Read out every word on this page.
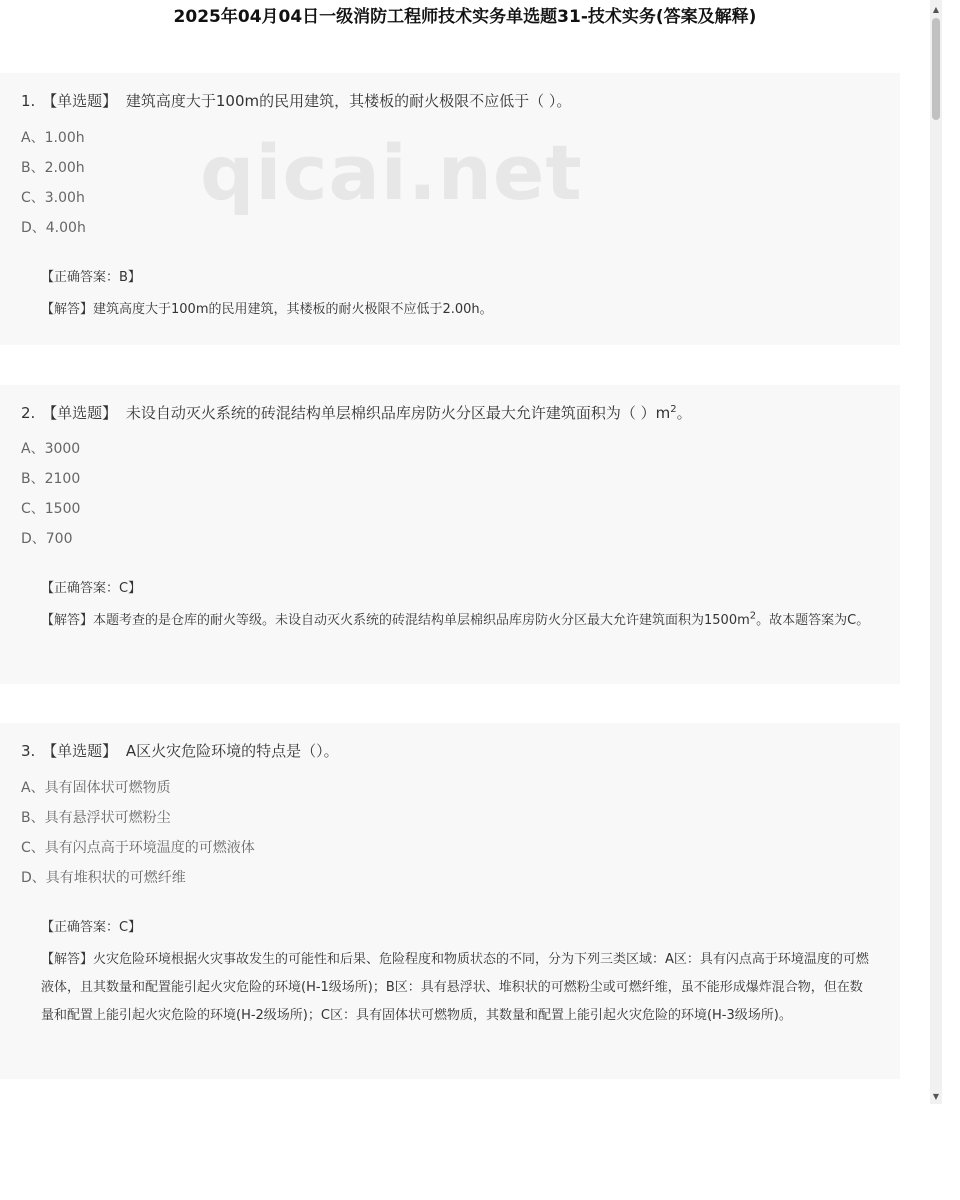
2025年04月04日一级消防工程师技术实务单选题31-技术实务(答案及解释)
1. 【单选题】 建筑高度大于100m的民用建筑，其楼板的耐火极限不应低于（ ）。
A、1.00h
B、2.00h
C、3.00h
D、4.00h
【正确答案：B】
【解答】建筑高度大于100m的民用建筑，其楼板的耐火极限不应低于2.00h。
2. 【单选题】 未设自动灭火系统的砖混结构单层棉织品库房防火分区最大允许建筑面积为（ ）$m^2$。
A、3000
B、2100
C、1500
D、700
【正确答案：C】
【解答】本题考查的是仓库的耐火等级。未设自动灭火系统的砖混结构单层棉织品库房防火分区最大允许建筑面积为$1500m^2$。故本题答案为C。
3. 【单选题】 A区火灾危险环境的特点是（）。
A、具有固体状可燃物质
B、具有悬浮状可燃粉尘
C、具有闪点高于环境温度的可燃液体
D、具有堆积状的可燃纤维
【正确答案：C】
【解答】火灾危险环境根据火灾事故发生的可能性和后果、危险程度和物质状态的不同，分为下列三类区域：A区：具有闪点高于环境温度的可燃液体，且其数量和配置能引起火灾危险的环境(H-1级场所)；B区：具有悬浮状、堆积状的可燃粉尘或可燃纤维，虽不能形成爆炸混合物，但在数量和配置上能引起火灾危险的环境(H-2级场所)；C区：具有固体状可燃物质，其数量和配置上能引起火灾危险的环境(H-3级场所)。
qicai.net
▲
▼
